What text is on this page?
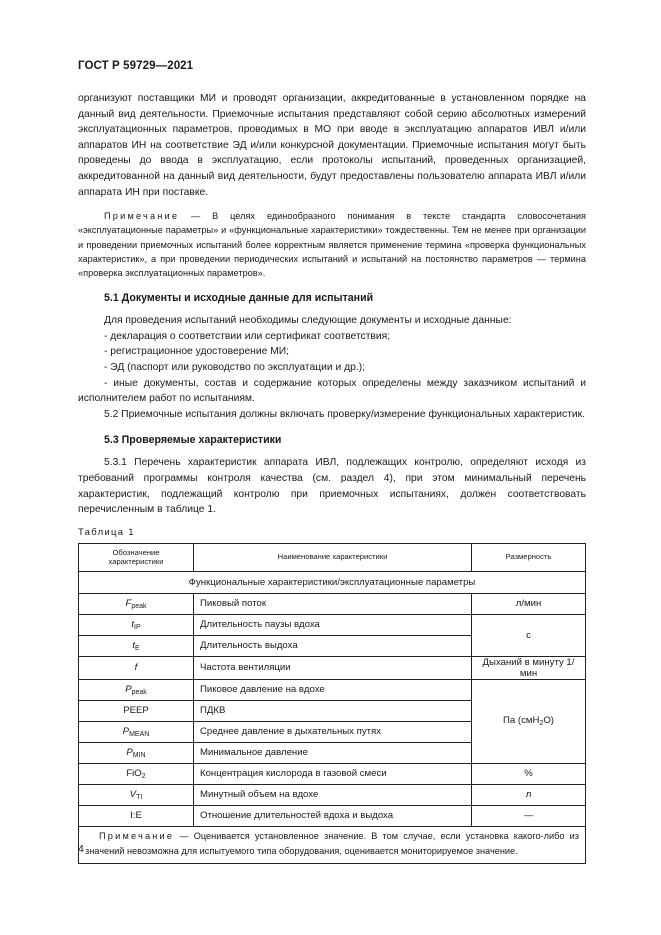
ГОСТ Р 59729—2021

организуют поставщики МИ и проводят организации, аккредитованные в установленном порядке на данный вид деятельности. Приемочные испытания представляют собой серию абсолютных измерений эксплуатационных параметров, проводимых в МО при вводе в эксплуатацию аппаратов ИВЛ и/или аппаратов ИН на соответствие ЭД и/или конкурсной документации. Приемочные испытания могут быть проведены до ввода в эксплуатацию, если протоколы испытаний, проведенных организацией, аккредитованной на данный вид деятельности, будут предоставлены пользователю аппарата ИВЛ и/или аппарата ИН при поставке.

Примечание — В целях единообразного понимания в тексте стандарта словосочетания «эксплуатационные параметры» и «функциональные характеристики» тождественны. Тем не менее при организации и проведении приемочных испытаний более корректным является применение термина «проверка функциональных характеристик», а при проведении периодических испытаний и испытаний на постоянство параметров — термина «проверка эксплуатационных параметров».

5.1 Документы и исходные данные для испытаний

Для проведения испытаний необходимы следующие документы и исходные данные:

- декларация о соответствии или сертификат соответствия;

- регистрационное удостоверение МИ;

- ЭД (паспорт или руководство по эксплуатации и др.);

- иные документы, состав и содержание которых определены между заказчиком испытаний и исполнителем работ по испытаниям.

5.2 Приемочные испытания должны включать проверку/измерение функциональных характеристик.

5.3 Проверяемые характеристики

5.3.1 Перечень характеристик аппарата ИВЛ, подлежащих контролю, определяют исходя из требований программы контроля качества (см. раздел 4), при этом минимальный перечень характеристик, подлежащий контролю при приемочных испытаниях, должен соответствовать перечисленным в таблице 1.

Таблица 1
Обозначение характеристики	Наименование характеристики	Размерность
Функциональные характеристики/эксплуатационные параметры		
$F_{peak}$	Пиковый поток	л/мин
$t_{IP}$	Длительность паузы вдоха	с
$t_E$	Длительность выдоха	
f	Частота вентиляции	Дыханий в минуту 1/мин
$P_{peak}$	Пиковое давление на вдохе	Па (смH$_2$O)
PEEP	ПДКВ	
$P_{MEAN}$	Среднее давление в дыхательных путях	
$P_{MIN}$	Минимальное давление	
FiO$_2$	Концентрация кислорода в газовой смеси	%
$V_{TI}$	Минутный объем на вдохе	л
I:E	Отношение длительностей вдоха и выдоха	—
Примечание — Оценивается установленное значение. В том случае, если установка какого-либо из значений невозможна для испытуемого типа оборудования, оценивается мониторируемое значение.		
4
